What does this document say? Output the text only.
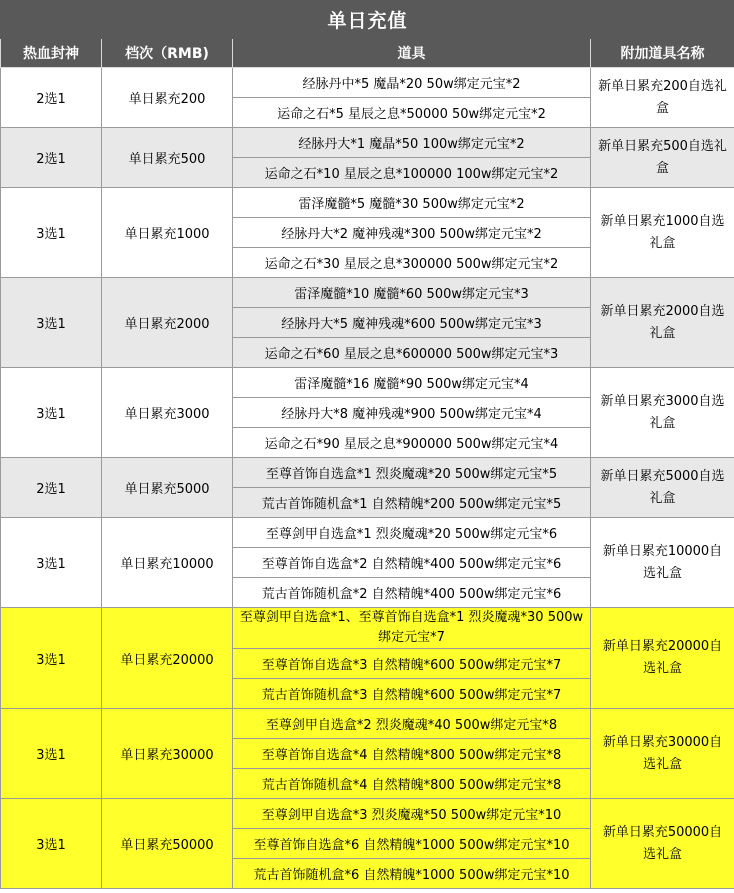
单日充值			
热血封神	档次（RMB)	道具	附加道具名称
2选1	单日累充200	经脉丹中*5 魔晶*20 50w绑定元宝*2	新单日累充200自选礼盒
		运命之石*5 星辰之息*50000 50w绑定元宝*2	
2选1	单日累充500	经脉丹大*1 魔晶*50 100w绑定元宝*2	新单日累充500自选礼盒
		运命之石*10 星辰之息*100000 100w绑定元宝*2	
3选1	单日累充1000	雷泽魔髓*5 魔髓*30 500w绑定元宝*2	新单日累充1000自选礼盒
		经脉丹大*2 魔神残魂*300 500w绑定元宝*2	
		运命之石*30 星辰之息*300000 500w绑定元宝*2	
3选1	单日累充2000	雷泽魔髓*10 魔髓*60 500w绑定元宝*3	新单日累充2000自选礼盒
		经脉丹大*5 魔神残魂*600 500w绑定元宝*3	
		运命之石*60 星辰之息*600000 500w绑定元宝*3	
3选1	单日累充3000	雷泽魔髓*16 魔髓*90 500w绑定元宝*4	新单日累充3000自选礼盒
		经脉丹大*8 魔神残魂*900 500w绑定元宝*4	
		运命之石*90 星辰之息*900000 500w绑定元宝*4	
2选1	单日累充5000	至尊首饰自选盒*1 烈炎魔魂*20 500w绑定元宝*5	新单日累充5000自选礼盒
		荒古首饰随机盒*1 自然精魄*200 500w绑定元宝*5	
3选1	单日累充10000	至尊剑甲自选盒*1 烈炎魔魂*20 500w绑定元宝*6	新单日累充10000自选礼盒
		至尊首饰自选盒*2 自然精魄*400 500w绑定元宝*6	
		荒古首饰随机盒*2 自然精魄*400 500w绑定元宝*6	
3选1	单日累充20000	至尊剑甲自选盒*1、至尊首饰自选盒*1 烈炎魔魂*30 500w绑定元宝*7	新单日累充20000自选礼盒
		至尊首饰自选盒*3 自然精魄*600 500w绑定元宝*7	
		荒古首饰随机盒*3 自然精魄*600 500w绑定元宝*7	
3选1	单日累充30000	至尊剑甲自选盒*2 烈炎魔魂*40 500w绑定元宝*8	新单日累充30000自选礼盒
		至尊首饰自选盒*4 自然精魄*800 500w绑定元宝*8	
		荒古首饰随机盒*4 自然精魄*800 500w绑定元宝*8	
3选1	单日累充50000	至尊剑甲自选盒*3 烈炎魔魂*50 500w绑定元宝*10	新单日累充50000自选礼盒
		至尊首饰自选盒*6 自然精魄*1000 500w绑定元宝*10	
		荒古首饰随机盒*6 自然精魄*1000 500w绑定元宝*10	
